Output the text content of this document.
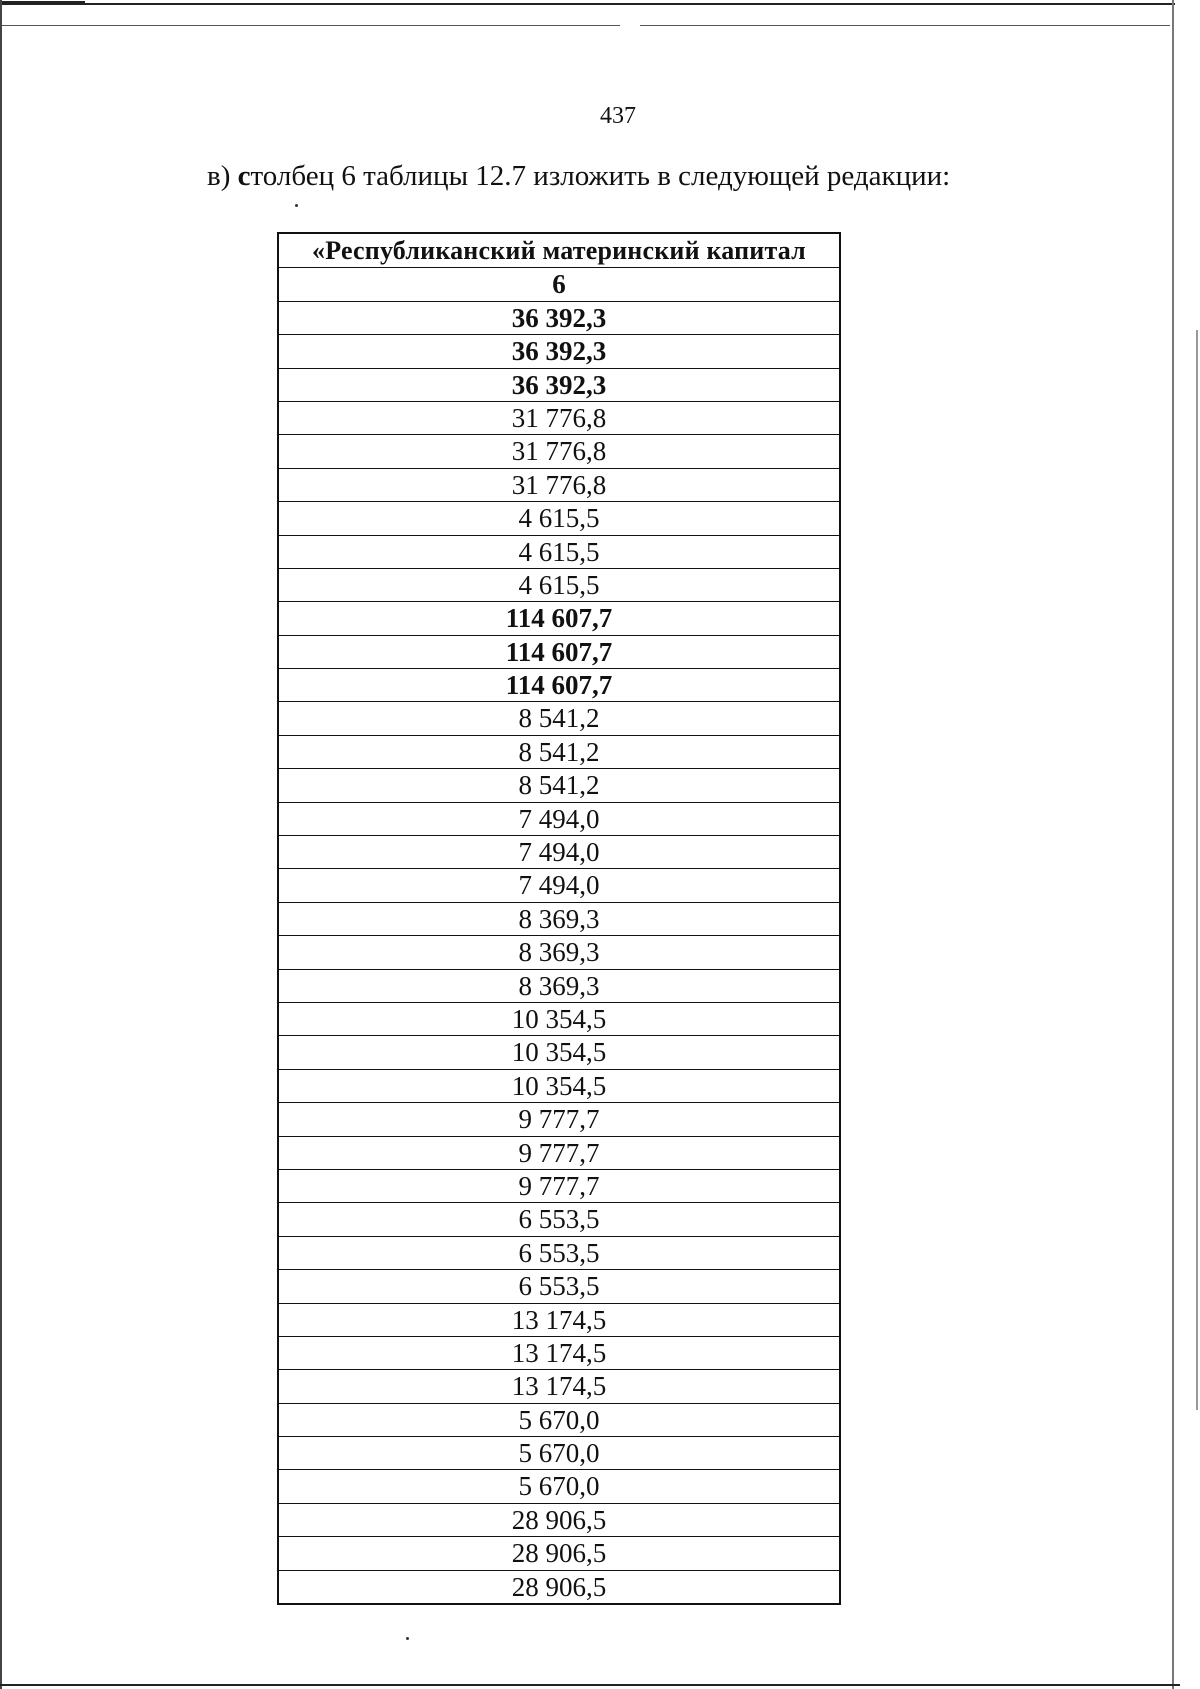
437
в) столбец 6 таблицы 12.7 изложить в следующей редакции:
«Республиканский материнский капитал
6
36 392,3
36 392,3
36 392,3
31 776,8
31 776,8
31 776,8
4 615,5
4 615,5
4 615,5
114 607,7
114 607,7
114 607,7
8 541,2
8 541,2
8 541,2
7 494,0
7 494,0
7 494,0
8 369,3
8 369,3
8 369,3
10 354,5
10 354,5
10 354,5
9 777,7
9 777,7
9 777,7
6 553,5
6 553,5
6 553,5
13 174,5
13 174,5
13 174,5
5 670,0
5 670,0
5 670,0
28 906,5
28 906,5
28 906,5
